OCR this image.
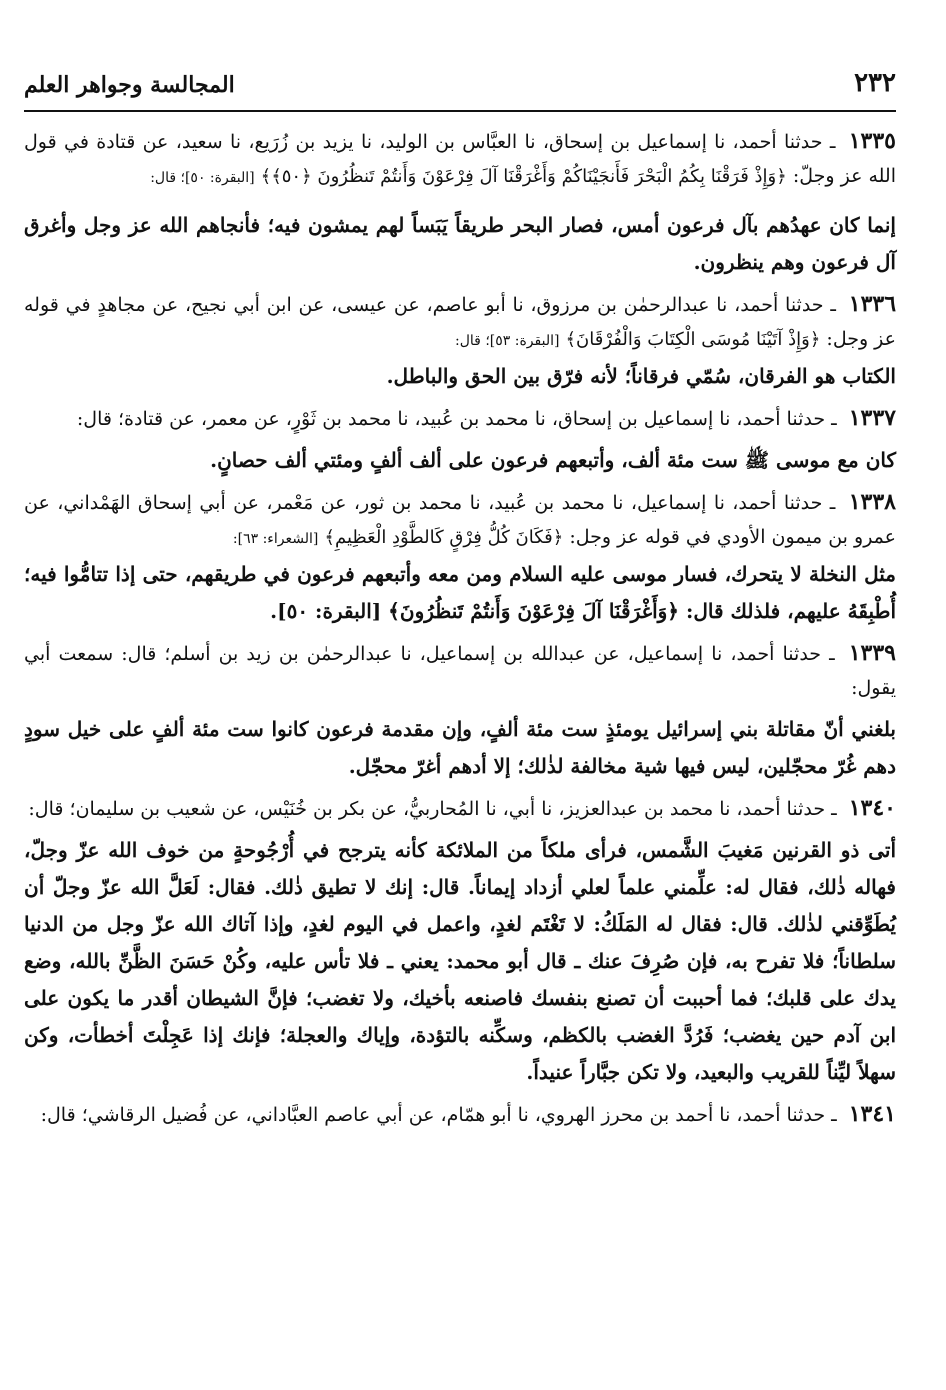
٢٣٢
المجالسة وجواهر العلم

١٣٣٥ ـ حدثنا أحمد، نا إسماعيل بن إسحاق، نا العبَّاس بن الوليد، نا يزيد بن زُرَيع، نا سعيد، عن قتادة في قول الله عز وجلّ: ﴿وَإِذْ فَرَقْنَا بِكُمُ الْبَحْرَ فَأَنجَيْنَاكُمْ وَأَغْرَقْنَا آلَ فِرْعَوْنَ وَأَنتُمْ تَنظُرُونَ ﴿٥٠﴾﴾ [البقرة: ٥٠]؛ قال:

إنما كان عهدُهم بآل فرعون أمس، فصار البحر طريقاً يَبَساً لهم يمشون فيه؛ فأنجاهم الله عز وجل وأغرق آل فرعون وهم ينظرون.

١٣٣٦ ـ حدثنا أحمد، نا عبدالرحمٰن بن مرزوق، نا أبو عاصم، عن عيسى، عن ابن أبي نجيح، عن مجاهدٍ في قوله عز وجل: ﴿وَإِذْ آتَيْنَا مُوسَى الْكِتَابَ وَالْفُرْقَانَ﴾ [البقرة: ٥٣]؛ قال:

الكتاب هو الفرقان، سُمّي فرقاناً؛ لأنه فرّق بين الحق والباطل.

١٣٣٧ ـ حدثنا أحمد، نا إسماعيل بن إسحاق، نا محمد بن عُبيد، نا محمد بن ثَوْرٍ، عن معمر، عن قتادة؛ قال:

كان مع موسى ﷺ ست مئة ألف، وأتبعهم فرعون على ألف ألفٍ ومئتي ألف حصانٍ.

١٣٣٨ ـ حدثنا أحمد، نا إسماعيل، نا محمد بن عُبيد، نا محمد بن ثور، عن مَعْمر، عن أبي إسحاق الهَمْداني، عن عمرو بن ميمون الأودي في قوله عز وجل: ﴿فَكَانَ كُلُّ فِرْقٍ كَالطَّوْدِ الْعَظِيمِ﴾ [الشعراء: ٦٣]:

مثل النخلة لا يتحرك، فسار موسى عليه السلام ومن معه وأتبعهم فرعون في طريقهم، حتى إذا تتامُّوا فيه؛ أُطْبِقَهُ عليهم، فلذلك قال: ﴿وَأَغْرَقْنَا آلَ فِرْعَوْنَ وَأَنتُمْ تَنظُرُونَ﴾ [البقرة: ٥٠].

١٣٣٩ ـ حدثنا أحمد، نا إسماعيل، عن عبدالله بن إسماعيل، نا عبدالرحمٰن بن زيد بن أسلم؛ قال: سمعت أبي يقول:

بلغني أنّ مقاتلة بني إسرائيل يومئذٍ ست مئة ألفٍ، وإن مقدمة فرعون كانوا ست مئة ألفٍ على خيل سودٍ دهم غُرّ محجّلين، ليس فيها شية مخالفة لذٰلك؛ إلا أدهم أغرّ محجّل.

١٣٤٠ ـ حدثنا أحمد، نا محمد بن عبدالعزيز، نا أبي، نا المُحاربيُّ، عن بكر بن خُنَيْس، عن شعيب بن سليمان؛ قال:

أتى ذو القرنين مَغيبَ الشَّمس، فرأى ملكاً من الملائكة كأنه يترجح في أُرْجُوحةٍ من خوف الله عزّ وجلّ، فهاله ذٰلك، فقال له: علِّمني علماً لعلي أزداد إيماناً. قال: إنك لا تطيق ذٰلك. فقال: لَعَلَّ الله عزّ وجلّ أن يُطَوِّقني لذٰلك. قال: فقال له المَلَكُ: لا تَغْتَم لغدٍ، واعمل في اليوم لغدٍ، وإذا آتاك الله عزّ وجل من الدنيا سلطاناً؛ فلا تفرح به، فإن صُرِفَ عنك ـ قال أبو محمد: يعني ـ فلا تأس عليه، وكُنْ حَسَنَ الظَّنِّ بالله، وضع يدك على قلبك؛ فما أحببت أن تصنع بنفسك فاصنعه بأخيك، ولا تغضب؛ فإنَّ الشيطان أقدر ما يكون على ابن آدم حين يغضب؛ فَرُدَّ الغضب بالكظم، وسكِّنه بالتؤدة، وإياك والعجلة؛ فإنك إذا عَجِلْتَ أخطأت، وكن سهلاً ليِّناً للقريب والبعيد، ولا تكن جبَّاراً عنيداً.

١٣٤١ ـ حدثنا أحمد، نا أحمد بن محرز الهروي، نا أبو همّام، عن أبي عاصم العبَّاداني، عن فُضيل الرقاشي؛ قال:
